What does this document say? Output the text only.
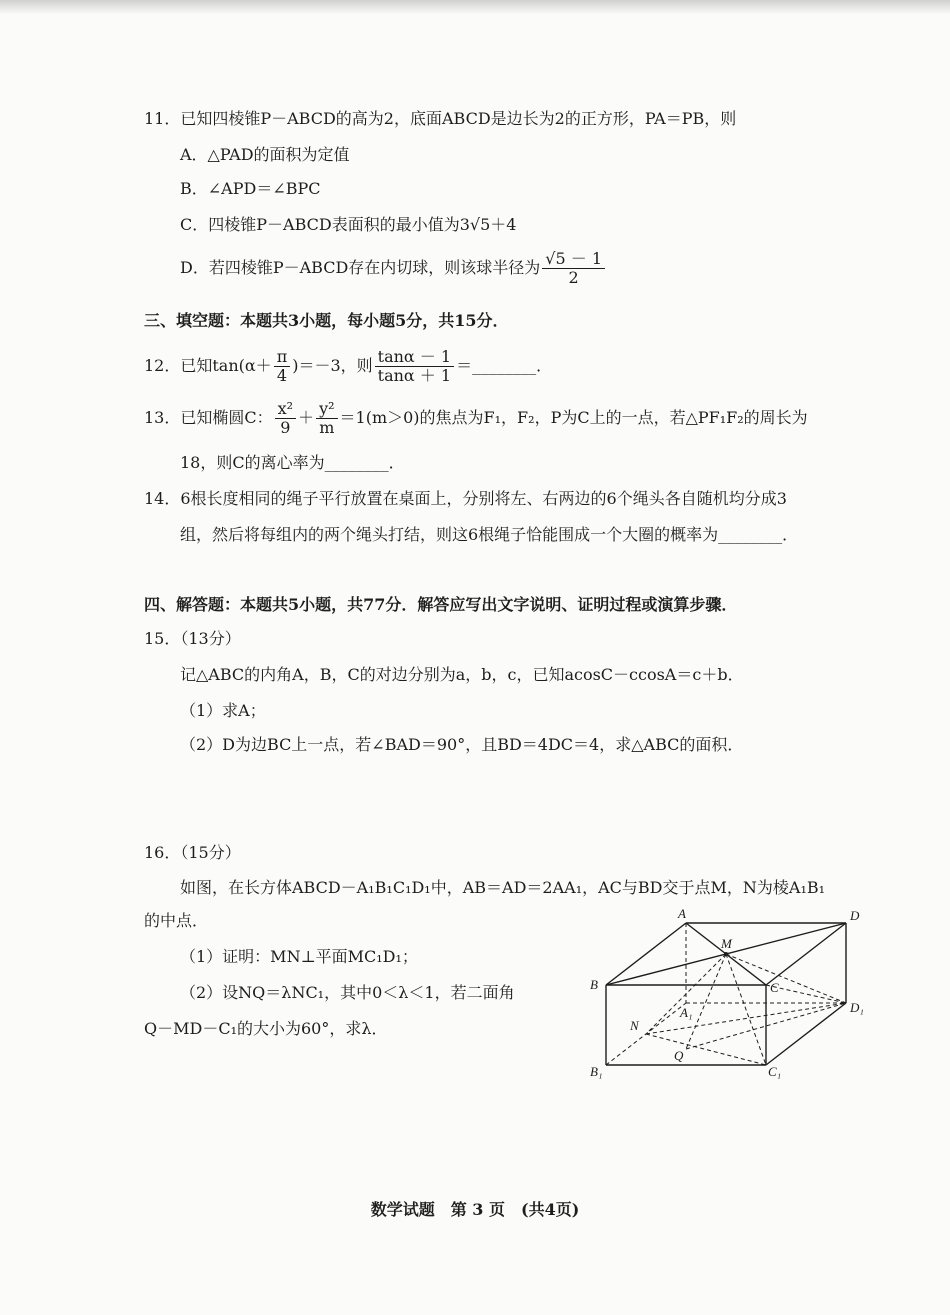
11．已知四棱锥P－ABCD的高为2，底面ABCD是边长为2的正方形，PA＝PB，则
A．△PAD的面积为定值
B．∠APD＝∠BPC
C．四棱锥P－ABCD表面积的最小值为3√5＋4
D．若四棱锥P－ABCD存在内切球，则该球半径为 $\frac{√5 - 1}{2}$
三、填空题：本题共3小题，每小题5分，共15分．
12．已知$\tan(\alpha+ \frac{\pi}{4} )=-3$，则 $\frac{\tan\alpha - 1}{\tan\alpha + 1}$ ＝________．
13．已知椭圆C： $\frac{\text{x²}}{9} + \frac{\text{y²}}{m} =1(m>0)$的焦点为F₁，F₂，P为C上的一点，若△PF₁F₂的周长为
18，则C的离心率为________．
14．6根长度相同的绳子平行放置在桌面上，分别将左、右两边的6个绳头各自随机均分成3
组，然后将每组内的两个绳头打结，则这6根绳子恰能围成一个大圈的概率为________．
四、解答题：本题共5小题，共77分．解答应写出文字说明、证明过程或演算步骤．
15．（13分）
记△ABC的内角A，B，C的对边分别为a，b，c，已知acosC－ccosA＝c＋b．
（1）求A；
（2）D为边BC上一点，若∠BAD＝90°，且BD＝4DC＝4，求△ABC的面积．
16．（15分）
如图，在长方体ABCD－A₁B₁C₁D₁中，AB＝AD＝2AA₁，AC与BD交于点M，N为棱A₁B₁
的中点．
（1）证明：MN⊥平面MC₁D₁；
（2）设NQ＝λNC₁，其中0＜λ＜1，若二面角
Q－MD－C₁的大小为60°，求λ．
A	D
M
B	C
A₁	D₁
N
Q
B₁	C₁
数学试题　第 3 页　(共4页)
